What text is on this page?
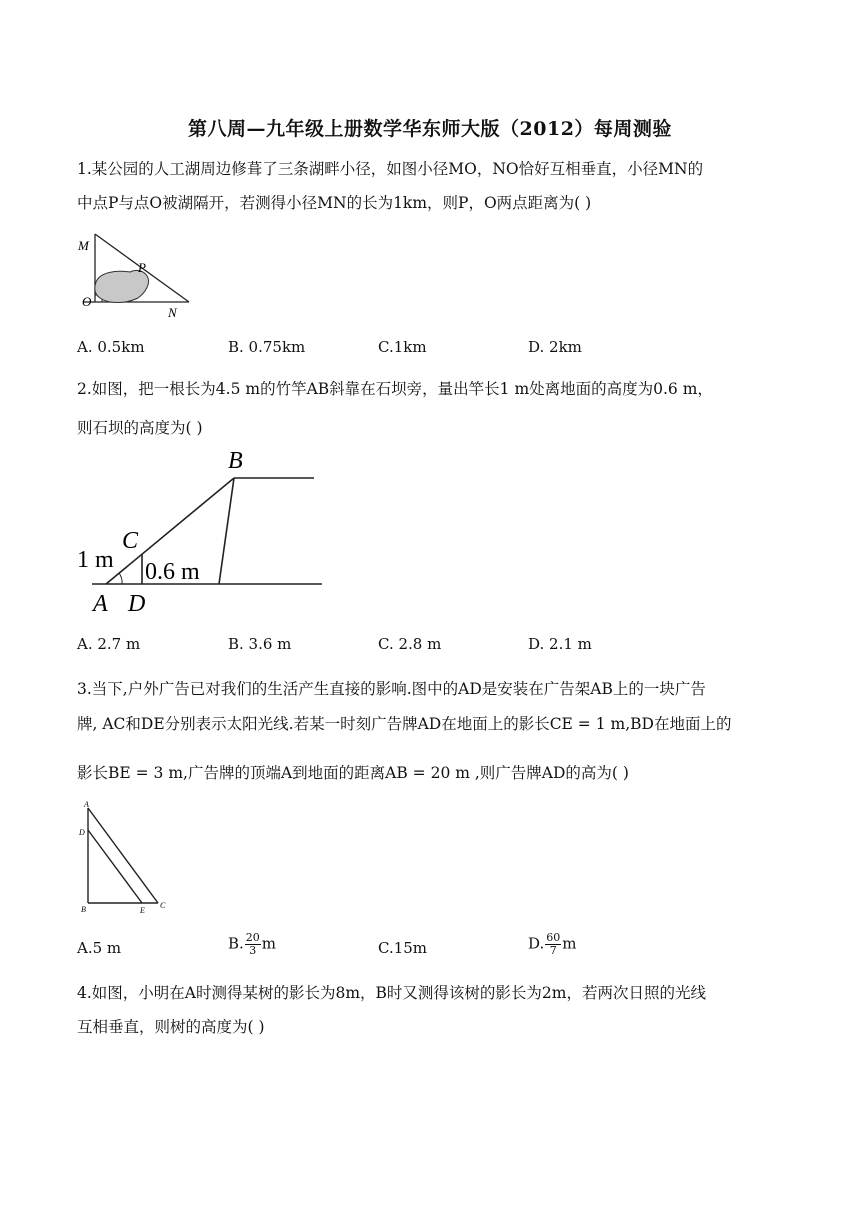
第八周—九年级上册数学华东师大版（2012）每周测验
1.某公园的人工湖周边修葺了三条湖畔小径，如图小径MO，NO恰好互相垂直，小径MN的
中点P与点O被湖隔开，若测得小径MN的长为1km，则P，O两点距离为( )
M
P
O
N
A. 0.5km	B. 0.75km	C.1km	D. 2km
2.如图，把一根长为4.5 m的竹竿AB斜靠在石坝旁，量出竿长1 m处离地面的高度为0.6 m，
则石坝的高度为( )
B
C
1 m 0.6 m
A D
A. 2.7 m	B. 3.6 m	C. 2.8 m	D. 2.1 m
3.当下,户外广告已对我们的生活产生直接的影响.图中的AD是安装在广告架AB上的一块广告
牌, AC和DE分别表示太阳光线.若某一时刻广告牌AD在地面上的影长CE = 1 m,BD在地面上的
影长BE = 3 m,广告牌的顶端A到地面的距离AB = 20 m ,则广告牌AD的高为( )
A
D
B	E
C
A.5 m	B. $\frac{20}{3}$ m	C.15m	D. $\frac{60}{7}$ m
4.如图，小明在A时测得某树的影长为8m，B时又测得该树的影长为2m，若两次日照的光线
互相垂直，则树的高度为( )
